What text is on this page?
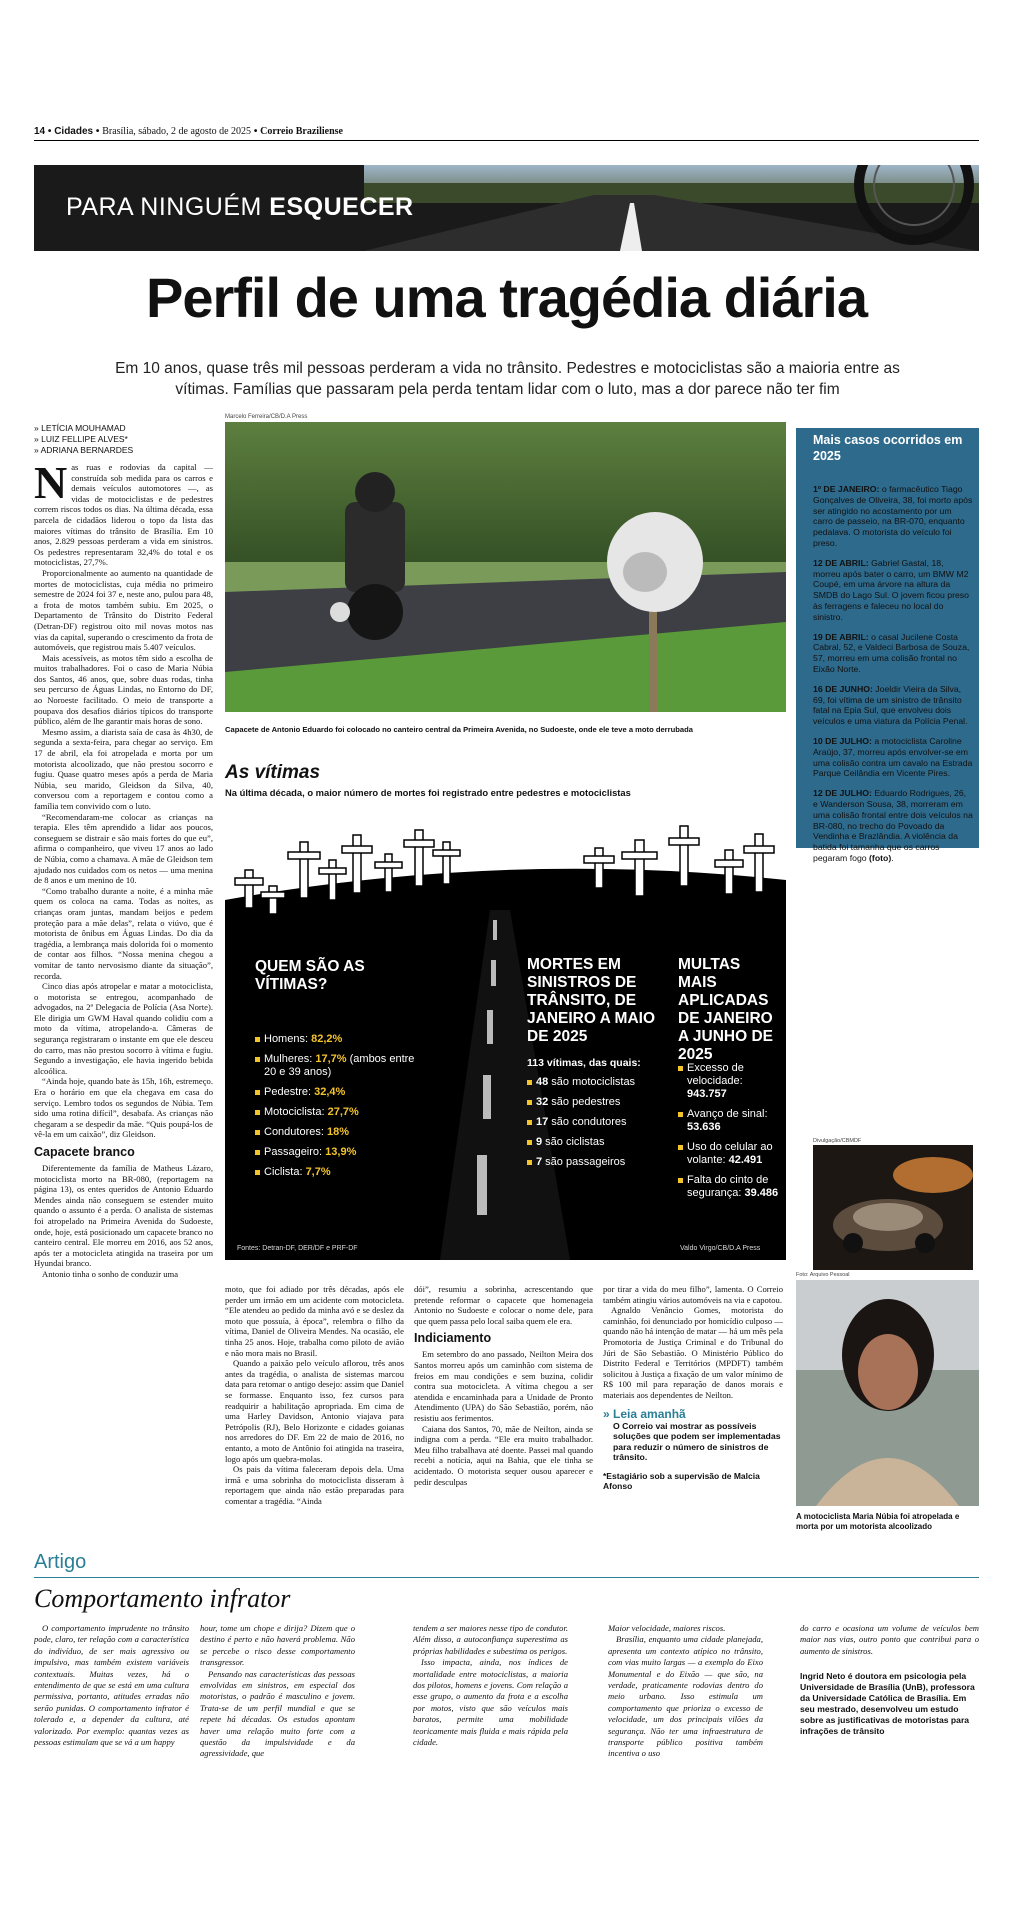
14 • Cidades • Brasília, sábado, 2 de agosto de 2025 • Correio Braziliense
PARA NINGUÉM ESQUECER
Perfil de uma tragédia diária
Em 10 anos, quase três mil pessoas perderam a vida no trânsito. Pedestres e motociclistas são a maioria entre as vítimas. Famílias que passaram pela perda tentam lidar com o luto, mas a dor parece não ter fim
» LETÍCIA MOUHAMAD
» LUIZ FELLIPE ALVES*
» ADRIANA BERNARDES

Nas ruas e rodovias da capital — construída sob medida para os carros e demais veículos automotores —, as vidas de motociclistas e de pedestres correm riscos todos os dias. Na última década, essa parcela de cidadãos liderou o topo da lista das maiores vítimas do trânsito de Brasília. Em 10 anos, 2.829 pessoas perderam a vida em sinistros. Os pedestres representaram 32,4% do total e os motociclistas, 27,7%.

Proporcionalmente ao aumento na quantidade de mortes de motociclistas, cuja média no primeiro semestre de 2024 foi 37 e, neste ano, pulou para 48, a frota de motos também subiu. Em 2025, o Departamento de Trânsito do Distrito Federal (Detran-DF) registrou oito mil novas motos nas vias da capital, superando o crescimento da frota de automóveis, que registrou mais 5.407 veículos.

Mais acessíveis, as motos têm sido a escolha de muitos trabalhadores. Foi o caso de Maria Núbia dos Santos, 46 anos, que, sobre duas rodas, tinha seu percurso de Águas Lindas, no Entorno do DF, ao Noroeste facilitado. O meio de transporte a poupava dos desafios diários típicos do transporte público, além de lhe garantir mais horas de sono.

Mesmo assim, a diarista saía de casa às 4h30, de segunda a sexta-feira, para chegar ao serviço. Em 17 de abril, ela foi atropelada e morta por um motorista alcoolizado, que não prestou socorro e fugiu. Quase quatro meses após a perda de Maria Núbia, seu marido, Gleidson da Silva, 40, conversou com a reportagem e contou como a família tem convivido com o luto.

“Recomendaram-me colocar as crianças na terapia. Eles têm aprendido a lidar aos poucos, conseguem se distrair e são mais fortes do que eu”, afirma o companheiro, que viveu 17 anos ao lado de Núbia, como a chamava. A mãe de Gleidson tem ajudado nos cuidados com os netos — uma menina de 8 anos e um menino de 10.

“Como trabalho durante a noite, é a minha mãe quem os coloca na cama. Todas as noites, as crianças oram juntas, mandam beijos e pedem proteção para a mãe delas”, relata o viúvo, que é motorista de ônibus em Águas Lindas. Do dia da tragédia, a lembrança mais dolorida foi o momento de contar aos filhos. “Nossa menina chegou a vomitar de tanto nervosismo diante da situação”, recorda.

Cinco dias após atropelar e matar a motociclista, o motorista se entregou, acompanhado de advogados, na 2ª Delegacia de Polícia (Asa Norte). Ele dirigia um GWM Haval quando colidiu com a moto da vítima, atropelando-a. Câmeras de segurança registraram o instante em que ele desceu do carro, mas não prestou socorro à vítima e fugiu. Segundo a investigação, ele havia ingerido bebida alcoólica.

“Ainda hoje, quando bate às 15h, 16h, estremeço. Era o horário em que ela chegava em casa do serviço. Lembro todos os segundos de Núbia. Tem sido uma rotina difícil”, desabafa. As crianças não chegaram a se despedir da mãe. “Quis poupá-los de vê-la em um caixão”, diz Gleidson.

Capacete branco

Diferentemente da família de Matheus Lázaro, motociclista morto na BR-080, (reportagem na página 13), os entes queridos de Antonio Eduardo Mendes ainda não conseguem se estender muito quando o assunto é a perda. O analista de sistemas foi atropelado na Primeira Avenida do Sudoeste, onde, hoje, está posicionado um capacete branco no canteiro central. Ele morreu em 2016, aos 52 anos, após ter a motocicleta atingida na traseira por um Hyundai branco.

Antonio tinha o sonho de conduzir uma

Marcelo Ferreira/CB/D.A Press
Capacete de Antonio Eduardo foi colocado no canteiro central da Primeira Avenida, no Sudoeste, onde ele teve a moto derrubada
As vítimas
Na última década, o maior número de mortes foi registrado entre pedestres e motociclistas
QUEM SÃO AS VÍTIMAS?
Homens: 82,2%
Mulheres: 17,7% (ambos entre 20 e 39 anos)
Pedestre: 32,4%
Motociclista: 27,7%
Condutores: 18%
Passageiro: 13,9%
Ciclista: 7,7%
MORTES EM SINISTROS DE TRÂNSITO, DE JANEIRO A MAIO DE 2025
113 vítimas, das quais:
48 são motociclistas
32 são pedestres
17 são condutores
9 são ciclistas
7 são passageiros
MULTAS MAIS APLICADAS DE JANEIRO A JUNHO DE 2025
Excesso de velocidade:
943.757
Avanço de sinal:
53.636
Uso do celular ao volante: 42.491
Falta do cinto de segurança: 39.486
Fontes: Detran-DF, DER/DF e PRF-DF	Valdo Virgo/CB/D.A Press
Mais casos ocorridos em 2025

1º DE JANEIRO: o farmacêutico Tiago Gonçalves de Oliveira, 38, foi morto após ser atingido no acostamento por um carro de passeio, na BR-070, enquanto pedalava. O motorista do veículo foi preso.

12 DE ABRIL: Gabriel Gastal, 18, morreu após bater o carro, um BMW M2 Coupé, em uma árvore na altura da SMDB do Lago Sul. O jovem ficou preso às ferragens e faleceu no local do sinistro.

19 DE ABRIL: o casal Jucilene Costa Cabral, 52, e Valdeci Barbosa de Souza, 57, morreu em uma colisão frontal no Eixão Norte.

16 DE JUNHO: Joeldir Vieira da Silva, 69, foi vítima de um sinistro de trânsito fatal na Epia Sul, que envolveu dois veículos e uma viatura da Polícia Penal.

10 DE JULHO: a motociclista Caroline Araújo, 37, morreu após envolver-se em uma colisão contra um cavalo na Estrada Parque Ceilândia em Vicente Pires.

12 DE JULHO: Eduardo Rodrigues, 26, e Wanderson Sousa, 38, morreram em uma colisão frontal entre dois veículos na BR-080, no trecho do Povoado da Vendinha e Brazlândia. A violência da batida foi tamanha que os carros pegaram fogo (foto).

Divulgação/CBMDF

moto, que foi adiado por três décadas, após ele perder um irmão em um acidente com motocicleta. “Ele atendeu ao pedido da minha avó e se deslez da moto que possuía, à época”, relembra o filho da vítima, Daniel de Oliveira Mendes. Na ocasião, ele tinha 25 anos. Hoje, trabalha como piloto de avião e não mora mais no Brasil.

Quando a paixão pelo veículo aflorou, três anos antes da tragédia, o analista de sistemas marcou data para retomar o antigo desejo: assim que Daniel se formasse. Enquanto isso, fez cursos para readquirir a habilitação apropriada. Em cima de uma Harley Davidson, Antonio viajava para Petrópolis (RJ), Belo Horizonte e cidades goianas nos arredores do DF. Em 22 de maio de 2016, no entanto, a moto de Antônio foi atingida na traseira, logo após um quebra-molas.

Os pais da vítima faleceram depois dela. Uma irmã e uma sobrinha do motociclista disseram à reportagem que ainda não estão preparadas para comentar a tragédia. “Ainda

dói”, resumiu a sobrinha, acrescentando que pretende reformar o capacete que homenageia Antonio no Sudoeste e colocar o nome dele, para que quem passa pelo local saiba quem ele era.

Indiciamento

Em setembro do ano passado, Neilton Meira dos Santos morreu após um caminhão com sistema de freios em mau condições e sem buzina, colidir contra sua motocicleta. A vítima chegou a ser atendida e encaminhada para a Unidade de Pronto Atendimento (UPA) do São Sebastião, porém, não resistiu aos ferimentos.

Caiana dos Santos, 70, mãe de Neilton, ainda se indigna com a perda. “Ele era muito trabalhador. Meu filho trabalhava até doente. Passei mal quando recebi a notícia, aqui na Bahia, que ele tinha se acidentado. O motorista sequer ousou aparecer e pedir desculpas

por tirar a vida do meu filho”, lamenta. O Correio também atingiu vários automóveis na via e capotou.

Agnaldo Venâncio Gomes, motorista do caminhão, foi denunciado por homicídio culposo — quando não há intenção de matar — há um mês pela Promotoria de Justiça Criminal e do Tribunal do Júri de São Sebastião. O Ministério Público do Distrito Federal e Territórios (MPDFT) também solicitou à Justiça a fixação de um valor mínimo de R$ 100 mil para reparação de danos morais e materiais aos dependentes de Neilton.

» Leia amanhã
O Correio vai mostrar as possíveis soluções que podem ser implementadas para reduzir o número de sinistros de trânsito.
*Estagiário sob a supervisão de Malcia Afonso
Foto: Arquivo Pessoal
A motociclista Maria Núbia foi atropelada e morta por um motorista alcoolizado
Artigo
Comportamento infrator

O comportamento imprudente no trânsito pode, claro, ter relação com a característica do indivíduo, de ser mais agressivo ou impulsivo, mas também existem variáveis contextuais. Muitas vezes, há o entendimento de que se está em uma cultura permissiva, portanto, atitudes erradas não serão punidas. O comportamento infrator é tolerado e, a depender da cultura, até valorizado. Por exemplo: quantas vezes as pessoas estimulam que se vá a um happy

hour, tome um chope e dirija? Dizem que o destino é perto e não haverá problema. Não se percebe o risco desse comportamento transgressor.

Pensando nas características das pessoas envolvidas em sinistros, em especial dos motoristas, o padrão é masculino e jovem. Trata-se de um perfil mundial e que se repete há décadas. Os estudos apontam haver uma relação muito forte com a questão da impulsividade e da agressividade, que

tendem a ser maiores nesse tipo de condutor. Além disso, a autoconfiança superestima as próprias habilidades e subestima os perigos.

Isso impacta, ainda, nos índices de mortalidade entre motociclistas, a maioria dos pilotos, homens e jovens. Com relação a esse grupo, o aumento da frota e a escolha por motos, visto que são veículos mais baratos, permite uma mobilidade teoricamente mais fluida e mais rápida pela cidade.

Maior velocidade, maiores riscos.

Brasília, enquanto uma cidade planejada, apresenta um contexto atípico no trânsito, com vias muito largas — a exemplo do Eixo Monumental e do Eixão — que são, na verdade, praticamente rodovias dentro do meio urbano. Isso estimula um comportamento que prioriza o excesso de velocidade, um dos principais vilões da segurança. Não ter uma infraestrutura de transporte público positiva também incentiva o uso

do carro e ocasiona um volume de veículos bem maior nas vias, outro ponto que contribui para o aumento de sinistros.

Ingrid Neto é doutora em psicologia pela Universidade de Brasília (UnB), professora da Universidade Católica de Brasília. Em seu mestrado, desenvolveu um estudo sobre as justificativas de motoristas para infrações de trânsito
